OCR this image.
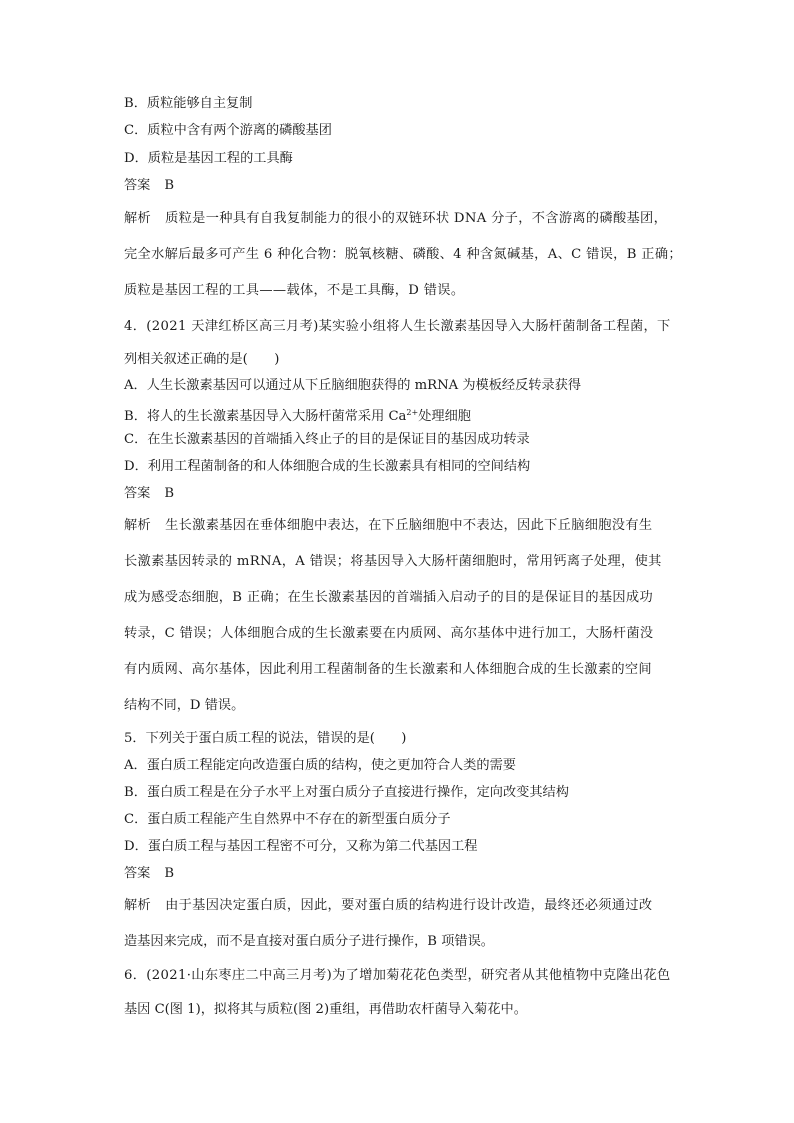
B．质粒能够自主复制
C．质粒中含有两个游离的磷酸基团
D．质粒是基因工程的工具酶
答案 B
解析 质粒是一种具有自我复制能力的很小的双链环状 DNA 分子，不含游离的磷酸基团，
完全水解后最多可产生 6 种化合物：脱氧核糖、磷酸、4 种含氮碱基，A、C 错误，B 正确；
质粒是基因工程的工具——载体，不是工具酶，D 错误。
4．(2021 天津红桥区高三月考)某实验小组将人生长激素基因导入大肠杆菌制备工程菌，下
列相关叙述正确的是(　　)
A．人生长激素基因可以通过从下丘脑细胞获得的 mRNA 为模板经反转录获得
B．将人的生长激素基因导入大肠杆菌常采用 $Ca^{2+}$处理细胞
C．在生长激素基因的首端插入终止子的目的是保证目的基因成功转录
D．利用工程菌制备的和人体细胞合成的生长激素具有相同的空间结构
答案 B
解析 生长激素基因在垂体细胞中表达，在下丘脑细胞中不表达，因此下丘脑细胞没有生
长激素基因转录的 mRNA，A 错误；将基因导入大肠杆菌细胞时，常用钙离子处理，使其
成为感受态细胞，B 正确；在生长激素基因的首端插入启动子的目的是保证目的基因成功
转录，C 错误；人体细胞合成的生长激素要在内质网、高尔基体中进行加工，大肠杆菌没
有内质网、高尔基体，因此利用工程菌制备的生长激素和人体细胞合成的生长激素的空间
结构不同，D 错误。
5．下列关于蛋白质工程的说法，错误的是(　　)
A．蛋白质工程能定向改造蛋白质的结构，使之更加符合人类的需要
B．蛋白质工程是在分子水平上对蛋白质分子直接进行操作，定向改变其结构
C．蛋白质工程能产生自然界中不存在的新型蛋白质分子
D．蛋白质工程与基因工程密不可分，又称为第二代基因工程
答案 B
解析 由于基因决定蛋白质，因此，要对蛋白质的结构进行设计改造，最终还必须通过改
造基因来完成，而不是直接对蛋白质分子进行操作，B 项错误。
6．(2021·山东枣庄二中高三月考)为了增加菊花花色类型，研究者从其他植物中克隆出花色
基因 C(图 1)，拟将其与质粒(图 2)重组，再借助农杆菌导入菊花中。
